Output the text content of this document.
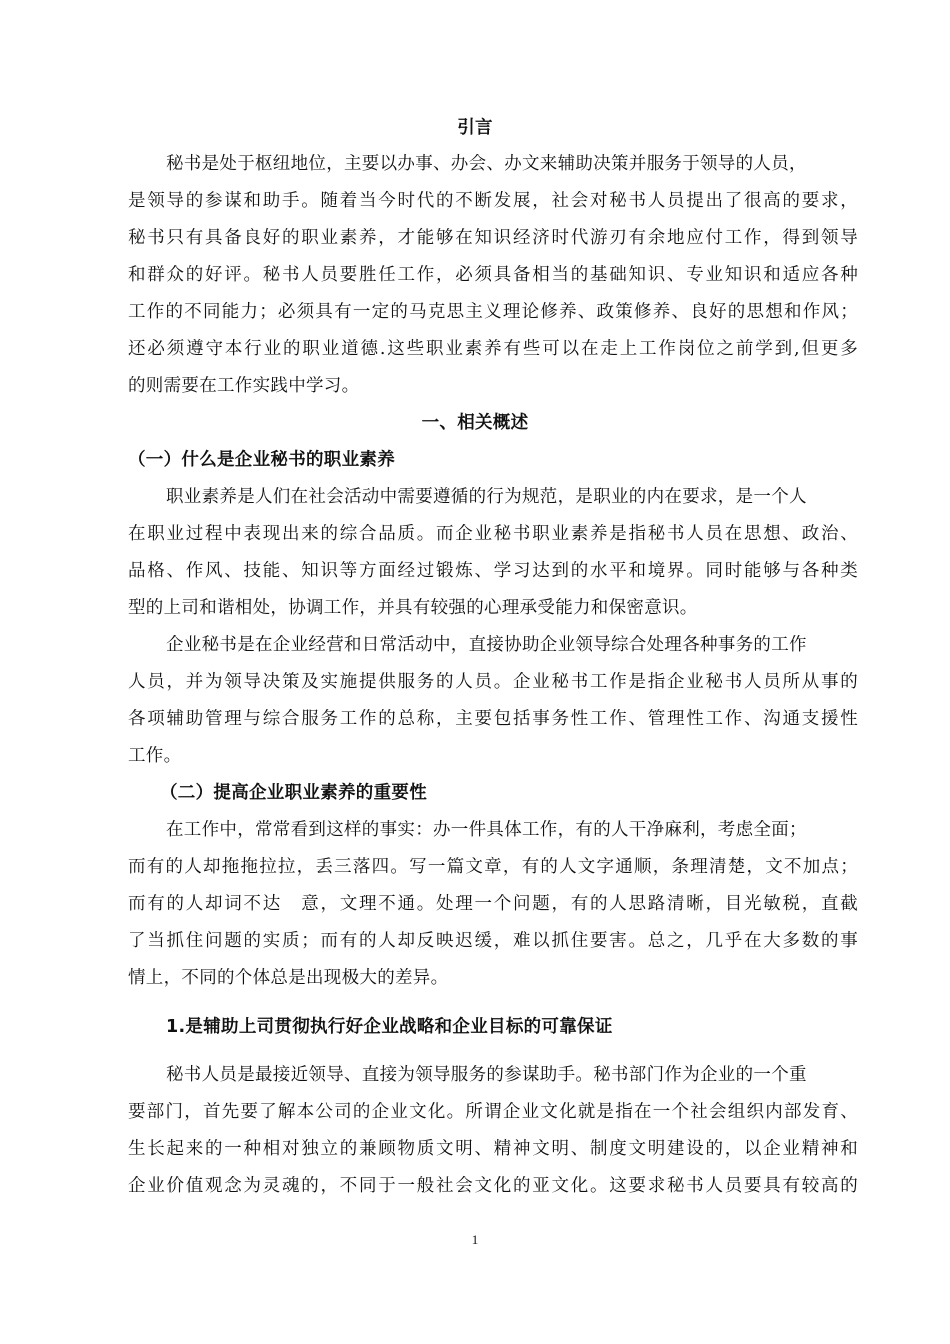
引言
秘书是处于枢纽地位，主要以办事、办会、办文来辅助决策并服务于领导的人员，
是领导的参谋和助手。随着当今时代的不断发展，社会对秘书人员提出了很高的要求，
秘书只有具备良好的职业素养，才能够在知识经济时代游刃有余地应付工作，得到领导
和群众的好评。秘书人员要胜任工作，必须具备相当的基础知识、专业知识和适应各种
工作的不同能力；必须具有一定的马克思主义理论修养、政策修养、良好的思想和作风；
还必须遵守本行业的职业道德.这些职业素养有些可以在走上工作岗位之前学到,但更多
的则需要在工作实践中学习。
一、相关概述
（一）什么是企业秘书的职业素养
职业素养是人们在社会活动中需要遵循的行为规范，是职业的内在要求，是一个人
在职业过程中表现出来的综合品质。而企业秘书职业素养是指秘书人员在思想、政治、
品格、作风、技能、知识等方面经过锻炼、学习达到的水平和境界。同时能够与各种类
型的上司和谐相处，协调工作，并具有较强的心理承受能力和保密意识。
企业秘书是在企业经营和日常活动中，直接协助企业领导综合处理各种事务的工作
人员，并为领导决策及实施提供服务的人员。企业秘书工作是指企业秘书人员所从事的
各项辅助管理与综合服务工作的总称，主要包括事务性工作、管理性工作、沟通支援性
工作。
（二）提高企业职业素养的重要性
在工作中，常常看到这样的事实：办一件具体工作，有的人干净麻利，考虑全面；
而有的人却拖拖拉拉，丢三落四。写一篇文章，有的人文字通顺，条理清楚，文不加点；
而有的人却词不达　意，文理不通。处理一个问题，有的人思路清晰，目光敏税，直截
了当抓住问题的实质；而有的人却反映迟缓，难以抓住要害。总之，几乎在大多数的事
情上，不同的个体总是出现极大的差异。
1.是辅助上司贯彻执行好企业战略和企业目标的可靠保证
秘书人员是最接近领导、直接为领导服务的参谋助手。秘书部门作为企业的一个重
要部门，首先要了解本公司的企业文化。所谓企业文化就是指在一个社会组织内部发育、
生长起来的一种相对独立的兼顾物质文明、精神文明、制度文明建设的，以企业精神和
企业价值观念为灵魂的，不同于一般社会文化的亚文化。这要求秘书人员要具有较高的
1
